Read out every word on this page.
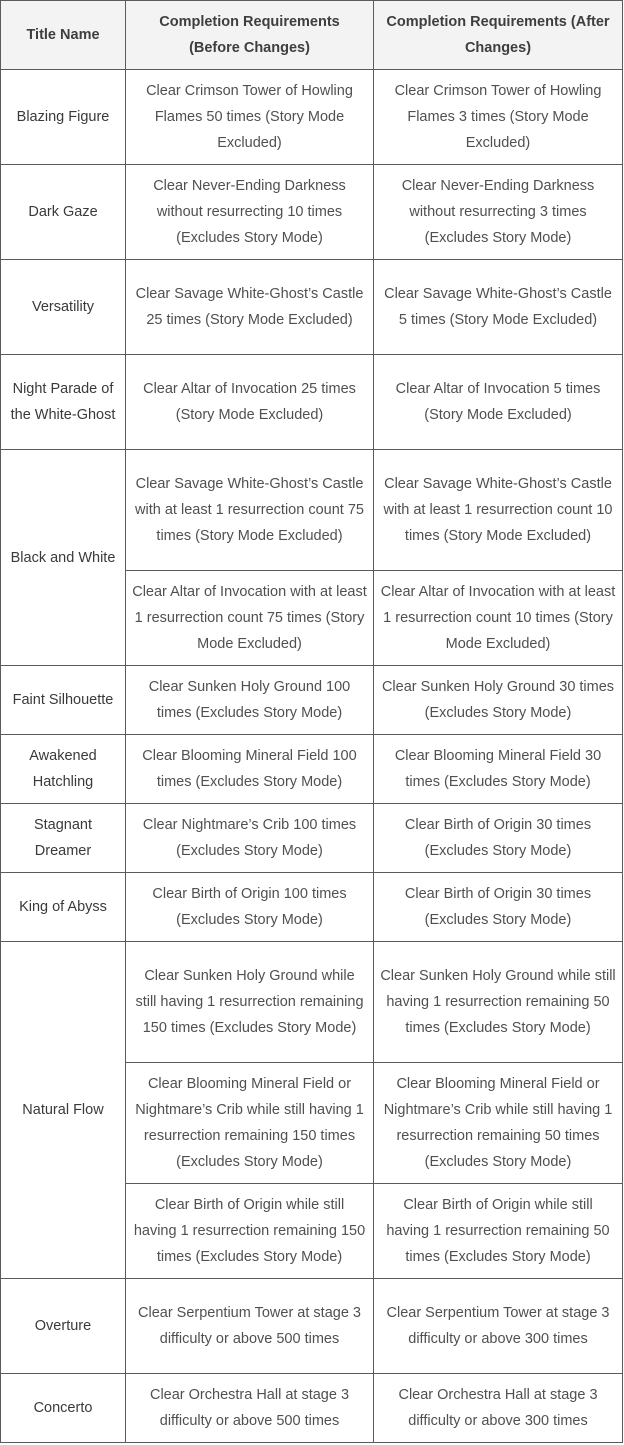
Title Name	Completion Requirements (Before Changes)	Completion Requirements (After Changes)
Blazing Figure	Clear Crimson Tower of Howling Flames 50 times (Story Mode Excluded)	Clear Crimson Tower of Howling Flames 3 times (Story Mode Excluded)
Dark Gaze	Clear Never-Ending Darkness without resurrecting 10 times (Excludes Story Mode)	Clear Never-Ending Darkness without resurrecting 3 times (Excludes Story Mode)
Versatility	Clear Savage White-Ghost’s Castle 25 times (Story Mode Excluded)	Clear Savage White-Ghost’s Castle 5 times (Story Mode Excluded)
Night Parade of the White-Ghost	Clear Altar of Invocation 25 times (Story Mode Excluded)	Clear Altar of Invocation 5 times (Story Mode Excluded)
Black and White	Clear Savage White-Ghost’s Castle with at least 1 resurrection count 75 times (Story Mode Excluded)	Clear Savage White-Ghost’s Castle with at least 1 resurrection count 10 times (Story Mode Excluded)
	Clear Altar of Invocation with at least 1 resurrection count 75 times (Story Mode Excluded)	Clear Altar of Invocation with at least 1 resurrection count 10 times (Story Mode Excluded)
Faint Silhouette	Clear Sunken Holy Ground 100 times (Excludes Story Mode)	Clear Sunken Holy Ground 30 times (Excludes Story Mode)
Awakened Hatchling	Clear Blooming Mineral Field 100 times (Excludes Story Mode)	Clear Blooming Mineral Field 30 times (Excludes Story Mode)
Stagnant Dreamer	Clear Nightmare’s Crib 100 times (Excludes Story Mode)	Clear Birth of Origin 30 times (Excludes Story Mode)
King of Abyss	Clear Birth of Origin 100 times (Excludes Story Mode)	Clear Birth of Origin 30 times (Excludes Story Mode)
Natural Flow	Clear Sunken Holy Ground while still having 1 resurrection remaining 150 times (Excludes Story Mode)	Clear Sunken Holy Ground while still having 1 resurrection remaining 50 times (Excludes Story Mode)
	Clear Blooming Mineral Field or Nightmare’s Crib while still having 1 resurrection remaining 150 times (Excludes Story Mode)	Clear Blooming Mineral Field or Nightmare’s Crib while still having 1 resurrection remaining 50 times (Excludes Story Mode)
	Clear Birth of Origin while still having 1 resurrection remaining 150 times (Excludes Story Mode)	Clear Birth of Origin while still having 1 resurrection remaining 50 times (Excludes Story Mode)
Overture	Clear Serpentium Tower at stage 3 difficulty or above 500 times	Clear Serpentium Tower at stage 3 difficulty or above 300 times
Concerto	Clear Orchestra Hall at stage 3 difficulty or above 500 times	Clear Orchestra Hall at stage 3 difficulty or above 300 times
